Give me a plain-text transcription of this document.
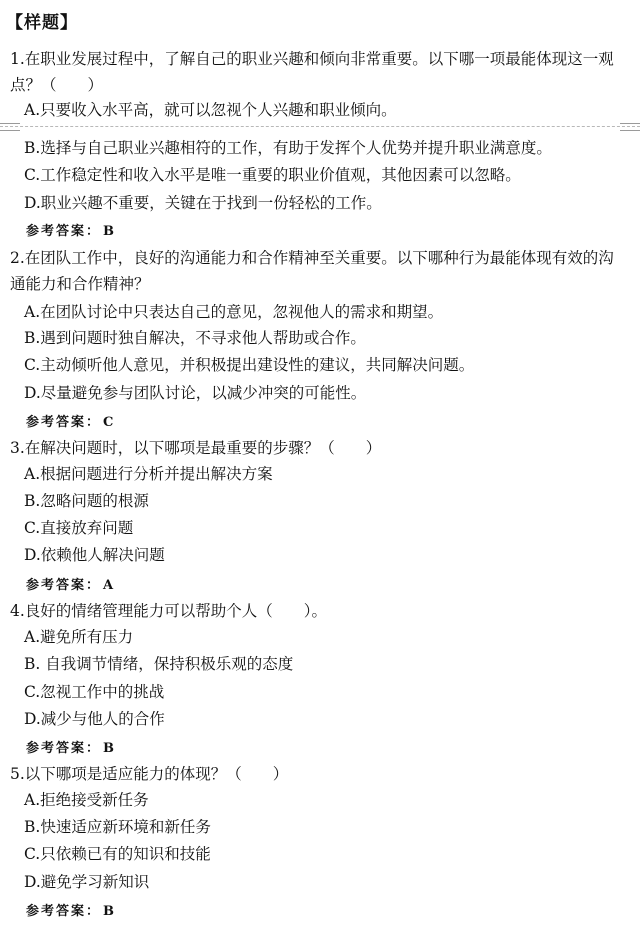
【样题】
1.在职业发展过程中，了解自己的职业兴趣和倾向非常重要。以下哪一项最能体现这一观点？（　　）
A.只要收入水平高，就可以忽视个人兴趣和职业倾向。
B.选择与自己职业兴趣相符的工作，有助于发挥个人优势并提升职业满意度。
C.工作稳定性和收入水平是唯一重要的职业价值观，其他因素可以忽略。
D.职业兴趣不重要，关键在于找到一份轻松的工作。
参考答案： B
2.在团队工作中，良好的沟通能力和合作精神至关重要。以下哪种行为最能体现有效的沟通能力和合作精神？
A.在团队讨论中只表达自己的意见，忽视他人的需求和期望。
B.遇到问题时独自解决，不寻求他人帮助或合作。
C.主动倾听他人意见，并积极提出建设性的建议，共同解决问题。
D.尽量避免参与团队讨论，以减少冲突的可能性。
参考答案： C
3.在解决问题时，以下哪项是最重要的步骤？（　　）
A.根据问题进行分析并提出解决方案
B.忽略问题的根源
C.直接放弃问题
D.依赖他人解决问题
参考答案： A
4.良好的情绪管理能力可以帮助个人（　　）。
A.避免所有压力
B. 自我调节情绪，保持积极乐观的态度
C.忽视工作中的挑战
D.减少与他人的合作
参考答案： B
5.以下哪项是适应能力的体现？（　　）
A.拒绝接受新任务
B.快速适应新环境和新任务
C.只依赖已有的知识和技能
D.避免学习新知识
参考答案： B
